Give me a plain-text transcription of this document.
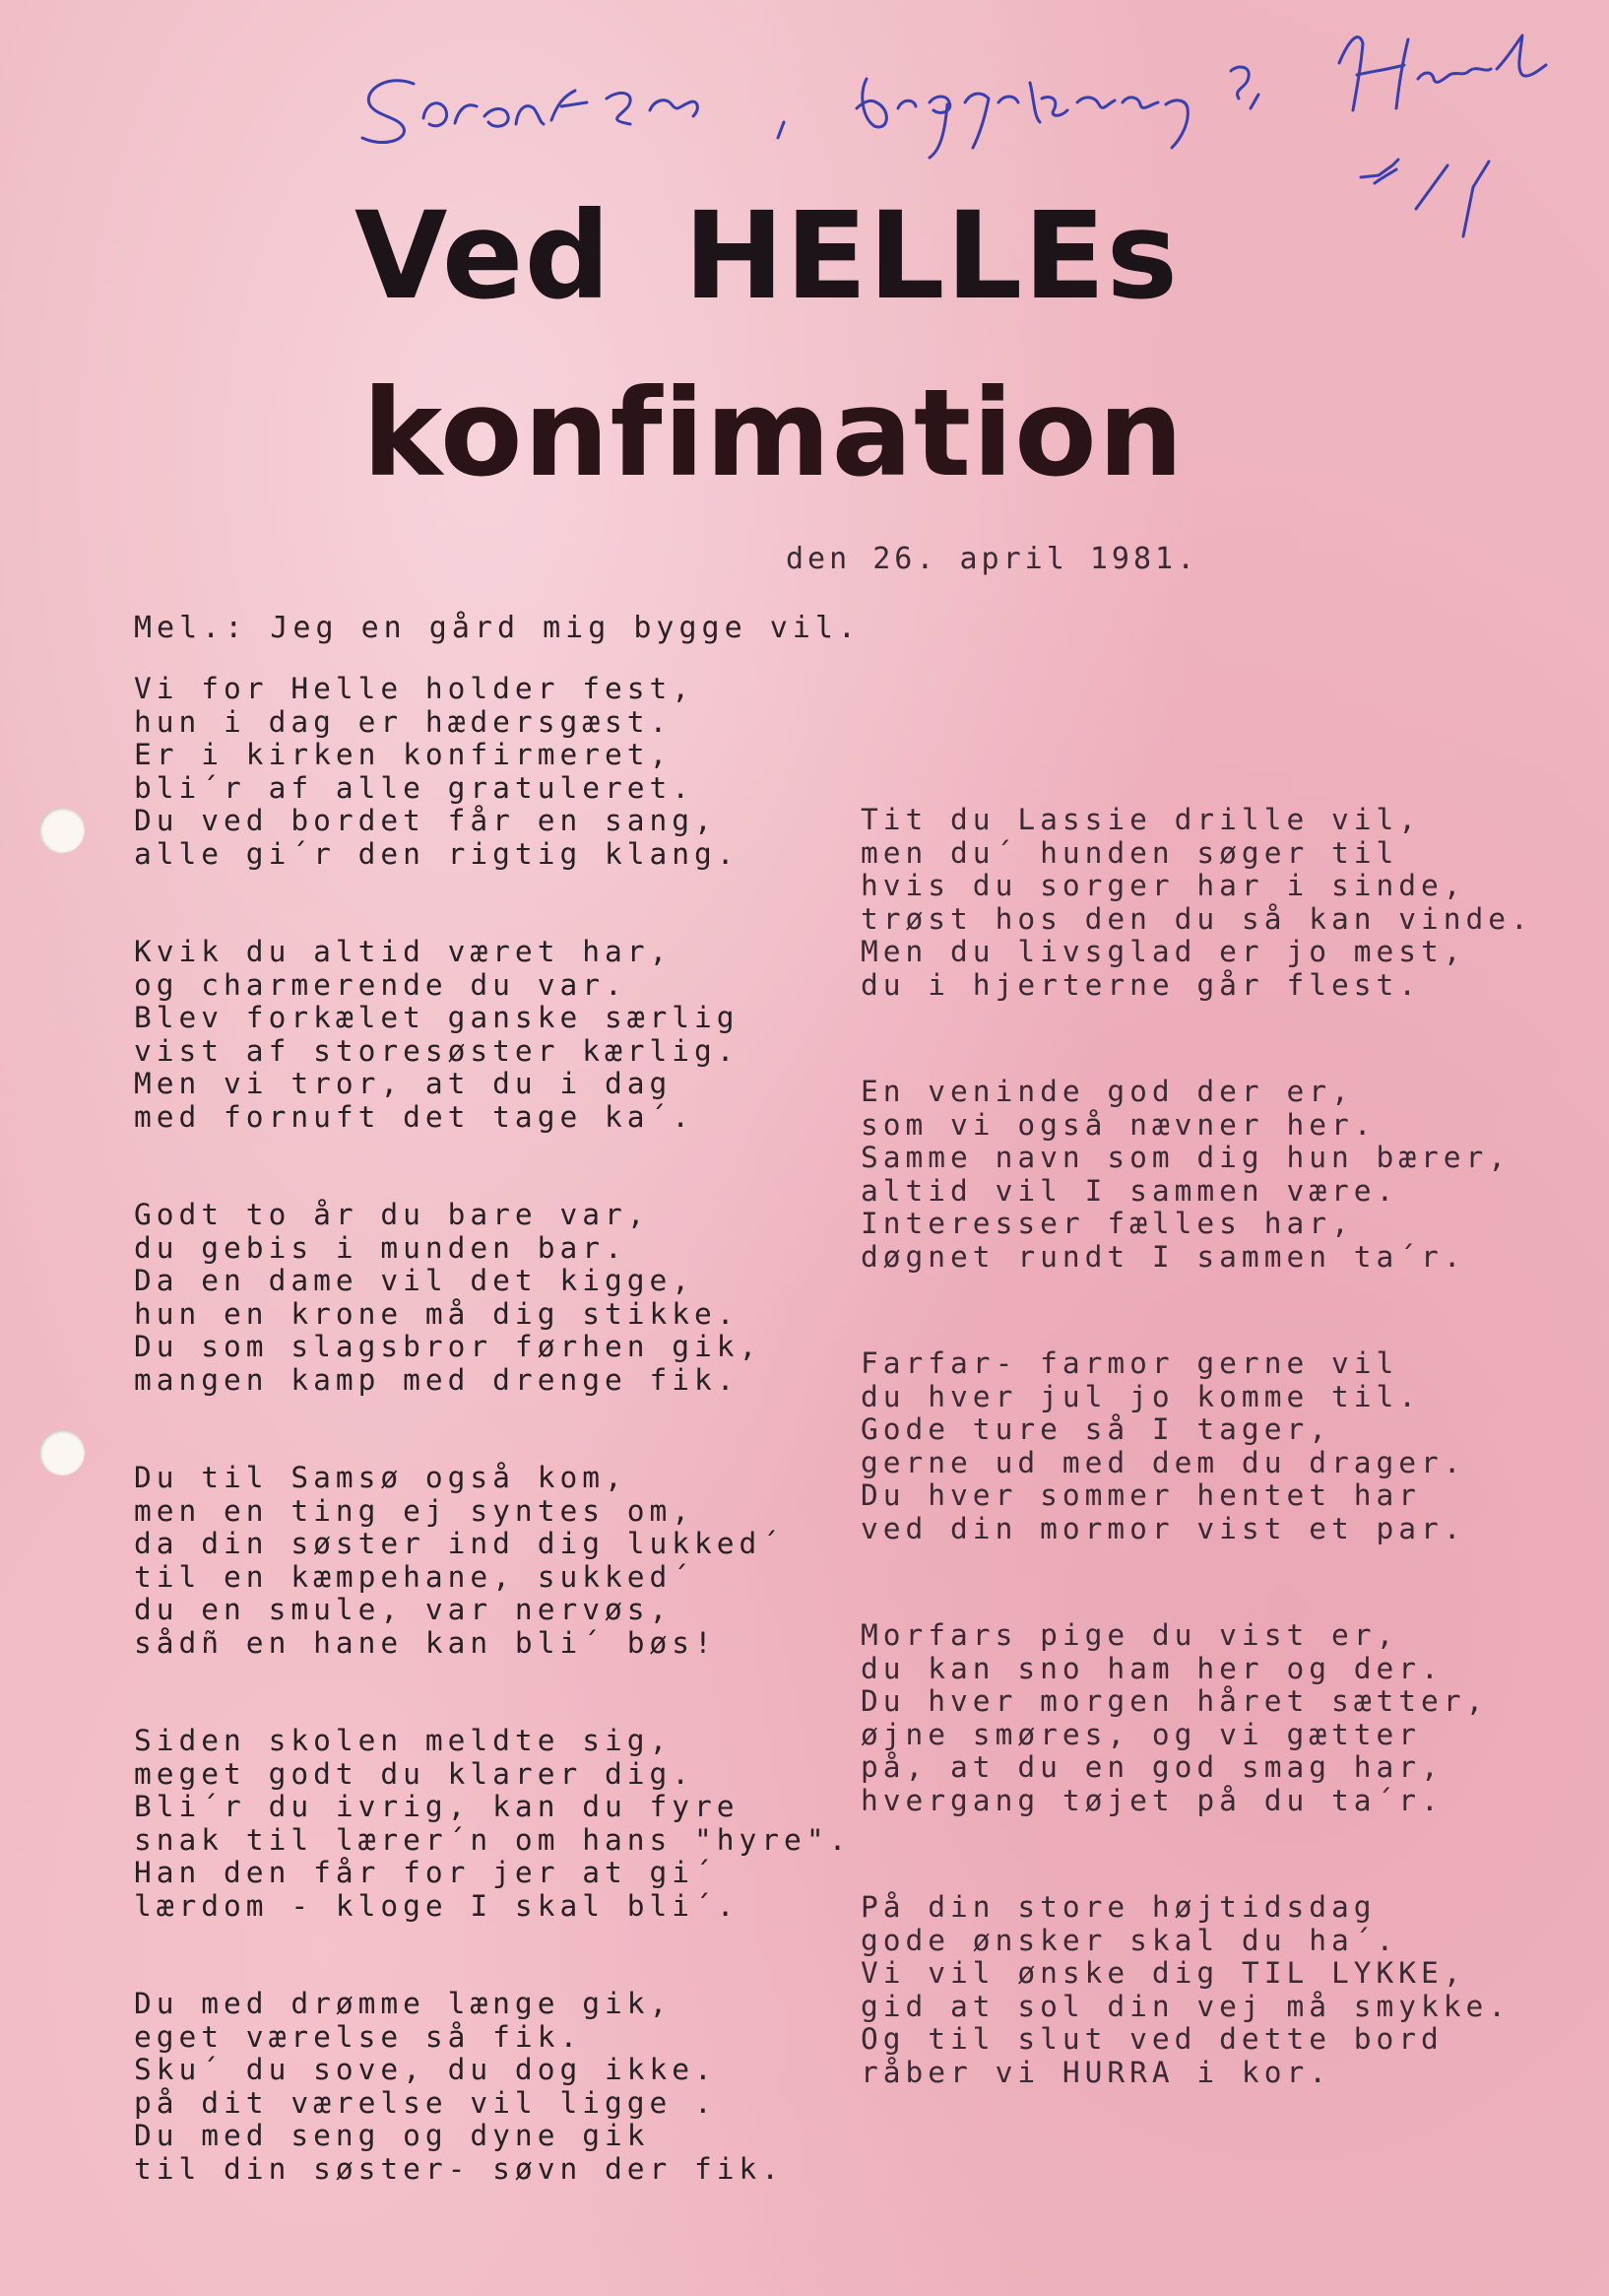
Ved HELLEs
konfimation
den 26. april 1981.
Mel.: Jeg en gård mig bygge vil.
Vi for Helle holder fest,
hun i dag er hædersgæst.
Er i kirken konfirmeret,
bli´r af alle gratuleret.
Du ved bordet får en sang,
alle gi´r den rigtig klang.
Kvik du altid været har,
og charmerende du var.
Blev forkælet ganske særlig
vist af storesøster kærlig.
Men vi tror, at du i dag
med fornuft det tage ka´.
Godt to år du bare var,
du gebis i munden bar.
Da en dame vil det kigge,
hun en krone må dig stikke.
Du som slagsbror førhen gik,
mangen kamp med drenge fik.
Du til Samsø også kom,
men en ting ej syntes om,
da din søster ind dig lukked´
til en kæmpehane, sukked´
du en smule, var nervøs,
sådñ en hane kan bli´ bøs!
Siden skolen meldte sig,
meget godt du klarer dig.
Bli´r du ivrig, kan du fyre
snak til lærer´n om hans "hyre".
Han den får for jer at gi´
lærdom - kloge I skal bli´.
Du med drømme længe gik,
eget værelse så fik.
Sku´ du sove, du dog ikke.
på dit værelse vil ligge .
Du med seng og dyne gik
til din søster- søvn der fik.
Tit du Lassie drille vil,
men du´ hunden søger til
hvis du sorger har i sinde,
trøst hos den du så kan vinde.
Men du livsglad er jo mest,
du i hjerterne går flest.
En veninde god der er,
som vi også nævner her.
Samme navn som dig hun bærer,
altid vil I sammen være.
Interesser fælles har,
døgnet rundt I sammen ta´r.
Farfar- farmor gerne vil
du hver jul jo komme til.
Gode ture så I tager,
gerne ud med dem du drager.
Du hver sommer hentet har
ved din mormor vist et par.
Morfars pige du vist er,
du kan sno ham her og der.
Du hver morgen håret sætter,
øjne smøres, og vi gætter
på, at du en god smag har,
hvergang tøjet på du ta´r.
På din store højtidsdag
gode ønsker skal du ha´.
Vi vil ønske dig TIL LYKKE,
gid at sol din vej må smykke.
Og til slut ved dette bord
råber vi HURRA i kor.
